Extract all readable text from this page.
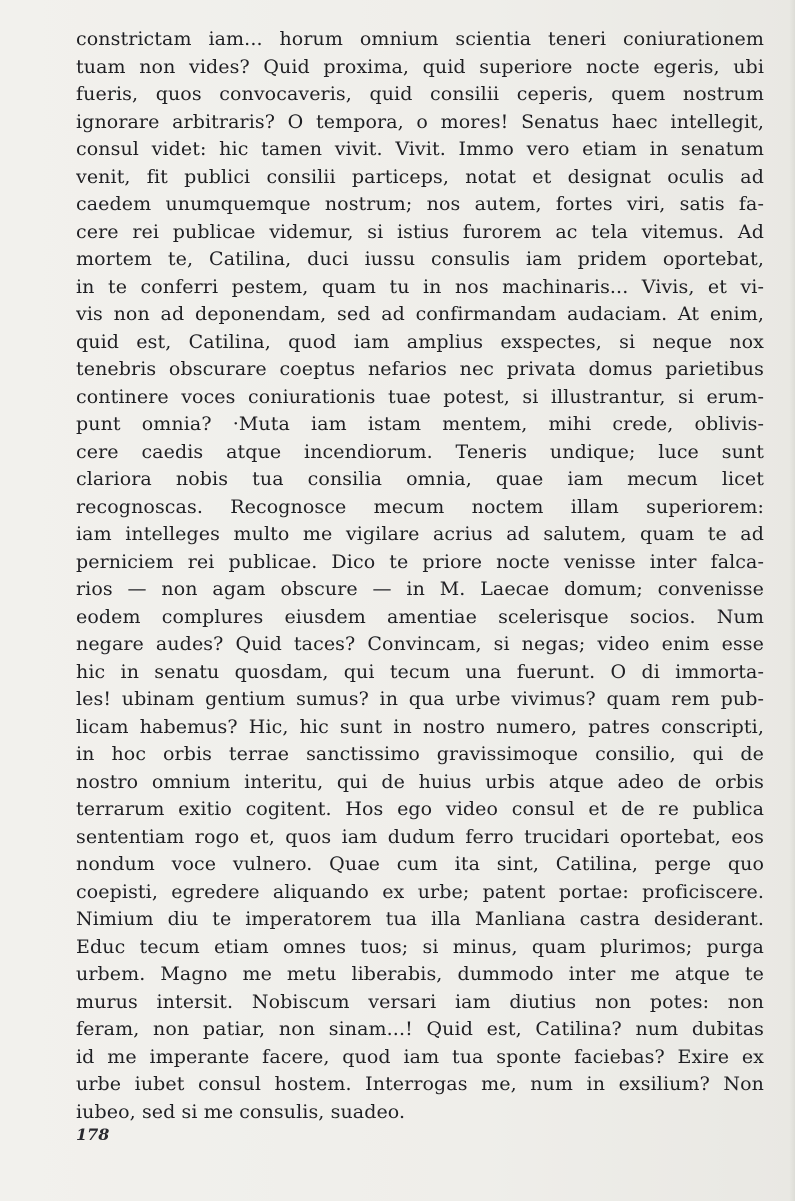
constrictam iam... horum omnium scientia teneri coniurationem
tuam non vides? Quid proxima, quid superiore nocte egeris, ubi
fueris, quos convocaveris, quid consilii ceperis, quem nostrum
ignorare arbitraris? O tempora, o mores! Senatus haec intellegit,
consul videt: hic tamen vivit. Vivit. Immo vero etiam in senatum
venit, fit publici consilii particeps, notat et designat oculis ad
caedem unumquemque nostrum; nos autem, fortes viri, satis fa-
cere rei publicae videmur, si istius furorem ac tela vitemus. Ad
mortem te, Catilina, duci iussu consulis iam pridem oportebat,
in te conferri pestem, quam tu in nos machinaris... Vivis, et vi-
vis non ad deponendam, sed ad confirmandam audaciam. At enim,
quid est, Catilina, quod iam amplius exspectes, si neque nox
tenebris obscurare coeptus nefarios nec privata domus parietibus
continere voces coniurationis tuae potest, si illustrantur, si erum-
punt omnia? ·Muta iam istam mentem, mihi crede, oblivis-
cere caedis atque incendiorum. Teneris undique; luce sunt
clariora nobis tua consilia omnia, quae iam mecum licet
recognoscas. Recognosce mecum noctem illam superiorem:
iam intelleges multo me vigilare acrius ad salutem, quam te ad
perniciem rei publicae. Dico te priore nocte venisse inter falca-
rios — non agam obscure — in M. Laecae domum; convenisse
eodem complures eiusdem amentiae scelerisque socios. Num
negare audes? Quid taces? Convincam, si negas; video enim esse
hic in senatu quosdam, qui tecum una fuerunt. O di immorta-
les! ubinam gentium sumus? in qua urbe vivimus? quam rem pub-
licam habemus? Hic, hic sunt in nostro numero, patres conscripti,
in hoc orbis terrae sanctissimo gravissimoque consilio, qui de
nostro omnium interitu, qui de huius urbis atque adeo de orbis
terrarum exitio cogitent. Hos ego video consul et de re publica
sententiam rogo et, quos iam dudum ferro trucidari oportebat, eos
nondum voce vulnero. Quae cum ita sint, Catilina, perge quo
coepisti, egredere aliquando ex urbe; patent portae: proficiscere.
Nimium diu te imperatorem tua illa Manliana castra desiderant.
Educ tecum etiam omnes tuos; si minus, quam plurimos; purga
urbem. Magno me metu liberabis, dummodo inter me atque te
murus intersit. Nobiscum versari iam diutius non potes: non
feram, non patiar, non sinam...! Quid est, Catilina? num dubitas
id me imperante facere, quod iam tua sponte faciebas? Exire ex
urbe iubet consul hostem. Interrogas me, num in exsilium? Non
iubeo, sed si me consulis, suadeo.
178
